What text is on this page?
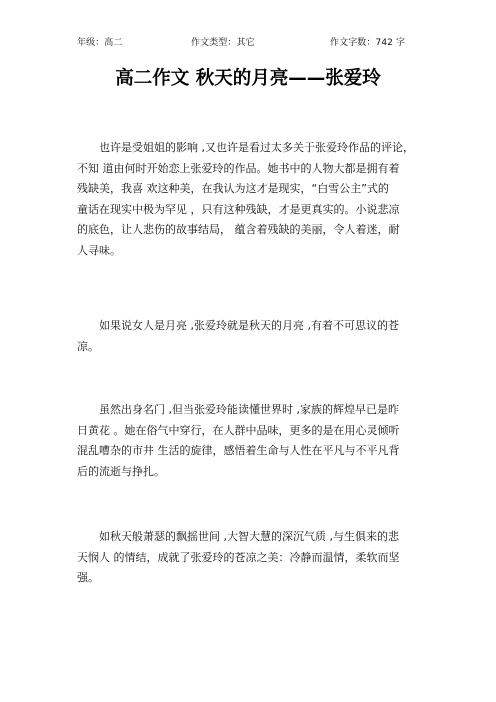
年级：高二	作文类型：其它	作文字数：742 字
高二作文 秋天的月亮——张爱玲
也许是受姐姐的影响 ,又也许是看过太多关于张爱玲作品的评论，
不知 道由何时开始恋上张爱玲的作品。她书中的人物大都是拥有着
残缺美，我喜 欢这种美，在我认为这才是现实，“白雪公主”式的
童话在现实中极为罕见 ，只有这种残缺，才是更真实的。小说悲凉
的底色，让人悲伤的故事结局， 蕴含着残缺的美丽，令人着迷，耐
人寻味。
如果说女人是月亮 ,张爱玲就是秋天的月亮 ,有着不可思议的苍
凉。
虽然出身名门 ,但当张爱玲能读懂世界时 ,家族的辉煌早已是昨
日黄花 。她在俗气中穿行，在人群中品味，更多的是在用心灵倾听
混乱嘈杂的市井 生活的旋律，感悟着生命与人性在平凡与不平凡背
后的流逝与挣扎。
如秋天般萧瑟的飘摇世间 ,大智大慧的深沉气质 ,与生俱来的悲
天悯人 的情结，成就了张爱玲的苍凉之美：冷静而温情，柔软而坚
强。
